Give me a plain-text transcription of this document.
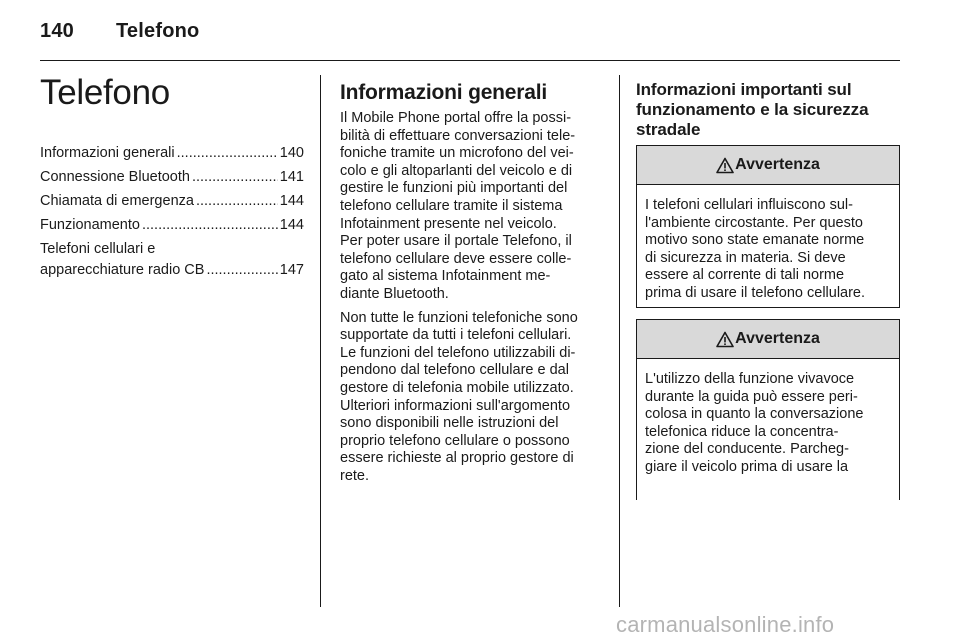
140 Telefono
Telefono
Informazioni generali .....	140
Connessione Bluetooth .....	141
Chiamata di emergenza .....	144
Funzionamento .....	144
Telefoni cellulari e
apparecchiature radio CB .....	147
Informazioni generali

Il Mobile Phone portal offre la possi-
bilità di effettuare conversazioni tele-
foniche tramite un microfono del vei-
colo e gli altoparlanti del veicolo e di
gestire le funzioni più importanti del
telefono cellulare tramite il sistema
Infotainment presente nel veicolo.
Per poter usare il portale Telefono, il
telefono cellulare deve essere colle-
gato al sistema Infotainment me-
diante Bluetooth.

Non tutte le funzioni telefoniche sono
supportate da tutti i telefoni cellulari.
Le funzioni del telefono utilizzabili di-
pendono dal telefono cellulare e dal
gestore di telefonia mobile utilizzato.
Ulteriori informazioni sull'argomento
sono disponibili nelle istruzioni del
proprio telefono cellulare o possono
essere richieste al proprio gestore di
rete.

Informazioni importanti sul
funzionamento e la sicurezza
stradale
Avvertenza
I telefoni cellulari influiscono sul-
l'ambiente circostante. Per questo
motivo sono state emanate norme
di sicurezza in materia. Si deve
essere al corrente di tali norme
prima di usare il telefono cellulare.
Avvertenza
L'utilizzo della funzione vivavoce
durante la guida può essere peri-
colosa in quanto la conversazione
telefonica riduce la concentra-
zione del conducente. Parcheg-
giare il veicolo prima di usare la
carmanualsonline.info
